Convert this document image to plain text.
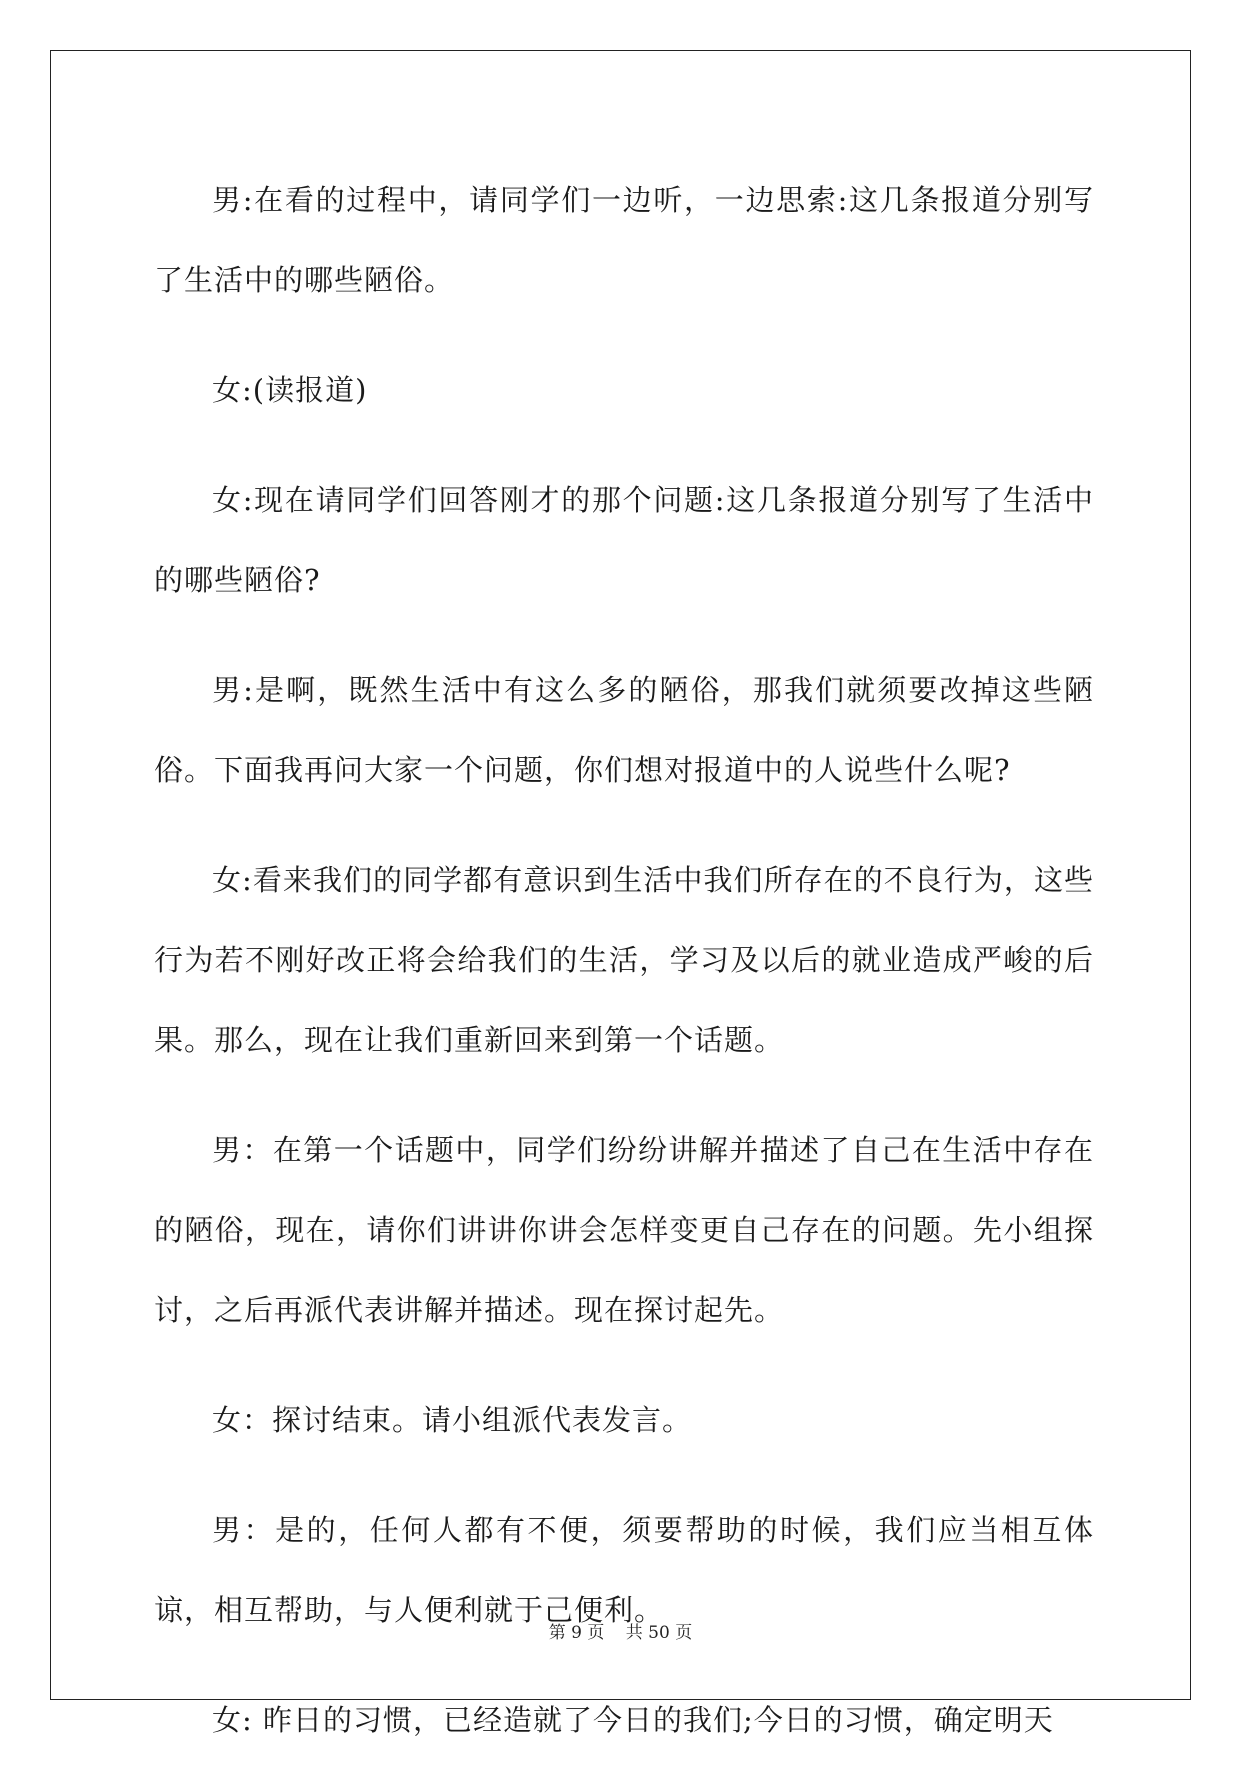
男:在看的过程中，请同学们一边听，一边思索:这几条报道分别写了生活中的哪些陋俗。

女:(读报道)

女:现在请同学们回答刚才的那个问题:这几条报道分别写了生活中的哪些陋俗?

男:是啊，既然生活中有这么多的陋俗，那我们就须要改掉这些陋俗。下面我再问大家一个问题，你们想对报道中的人说些什么呢?

女:看来我们的同学都有意识到生活中我们所存在的不良行为，这些行为若不刚好改正将会给我们的生活，学习及以后的就业造成严峻的后果。那么，现在让我们重新回来到第一个话题。

男：在第一个话题中，同学们纷纷讲解并描述了自己在生活中存在的陋俗，现在，请你们讲讲你讲会怎样变更自己存在的问题。先小组探讨，之后再派代表讲解并描述。现在探讨起先。

女：探讨结束。请小组派代表发言。

男：是的，任何人都有不便，须要帮助的时候，我们应当相互体谅，相互帮助，与人便利就于己便利。

女: 昨日的习惯，已经造就了今日的我们;今日的习惯，确定明天

第 9 页 共 50 页
